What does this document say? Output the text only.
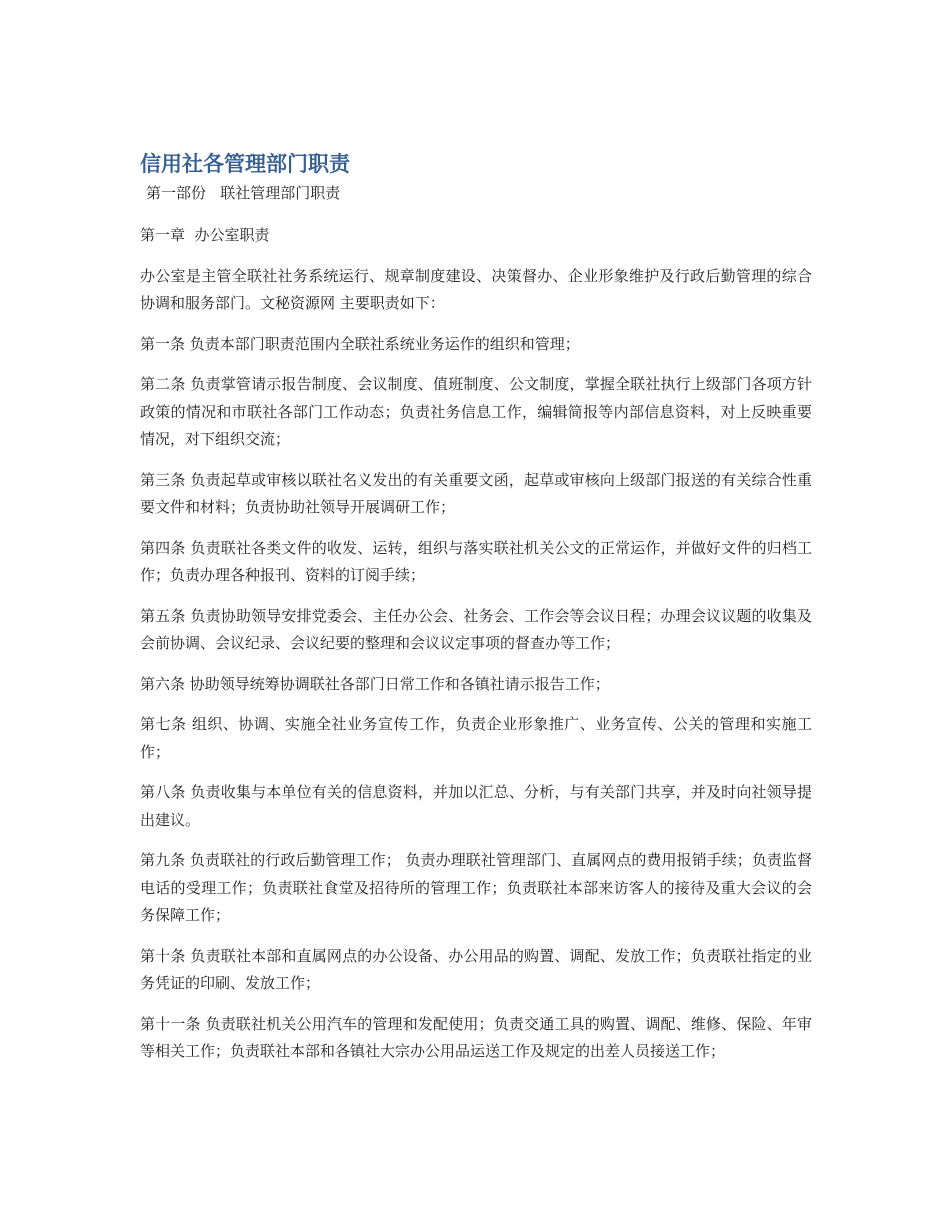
信用社各管理部门职责

第一部份   联社管理部门职责

第一章  办公室职责

办公室是主管全联社社务系统运行、规章制度建设、决策督办、企业形象维护及行政后勤管理的综合协调和服务部门。文秘资源网 主要职责如下：

第一条 负责本部门职责范围内全联社系统业务运作的组织和管理；

第二条 负责掌管请示报告制度、会议制度、值班制度、公文制度，掌握全联社执行上级部门各项方针政策的情况和市联社各部门工作动态；负责社务信息工作，编辑简报等内部信息资料，对上反映重要情况，对下组织交流；

第三条 负责起草或审核以联社名义发出的有关重要文函，起草或审核向上级部门报送的有关综合性重要文件和材料；负责协助社领导开展调研工作；

第四条 负责联社各类文件的收发、运转，组织与落实联社机关公文的正常运作，并做好文件的归档工作；负责办理各种报刊、资料的订阅手续；

第五条 负责协助领导安排党委会、主任办公会、社务会、工作会等会议日程；办理会议议题的收集及会前协调、会议纪录、会议纪要的整理和会议议定事项的督查办等工作；

第六条 协助领导统筹协调联社各部门日常工作和各镇社请示报告工作；

第七条 组织、协调、实施全社业务宣传工作，负责企业形象推广、业务宣传、公关的管理和实施工作；

第八条 负责收集与本单位有关的信息资料，并加以汇总、分析，与有关部门共享，并及时向社领导提出建议。

第九条 负责联社的行政后勤管理工作； 负责办理联社管理部门、直属网点的费用报销手续；负责监督电话的受理工作；负责联社食堂及招待所的管理工作；负责联社本部来访客人的接待及重大会议的会务保障工作；

第十条 负责联社本部和直属网点的办公设备、办公用品的购置、调配、发放工作；负责联社指定的业务凭证的印刷、发放工作；

第十一条 负责联社机关公用汽车的管理和发配使用；负责交通工具的购置、调配、维修、保险、年审等相关工作；负责联社本部和各镇社大宗办公用品运送工作及规定的出差人员接送工作；
